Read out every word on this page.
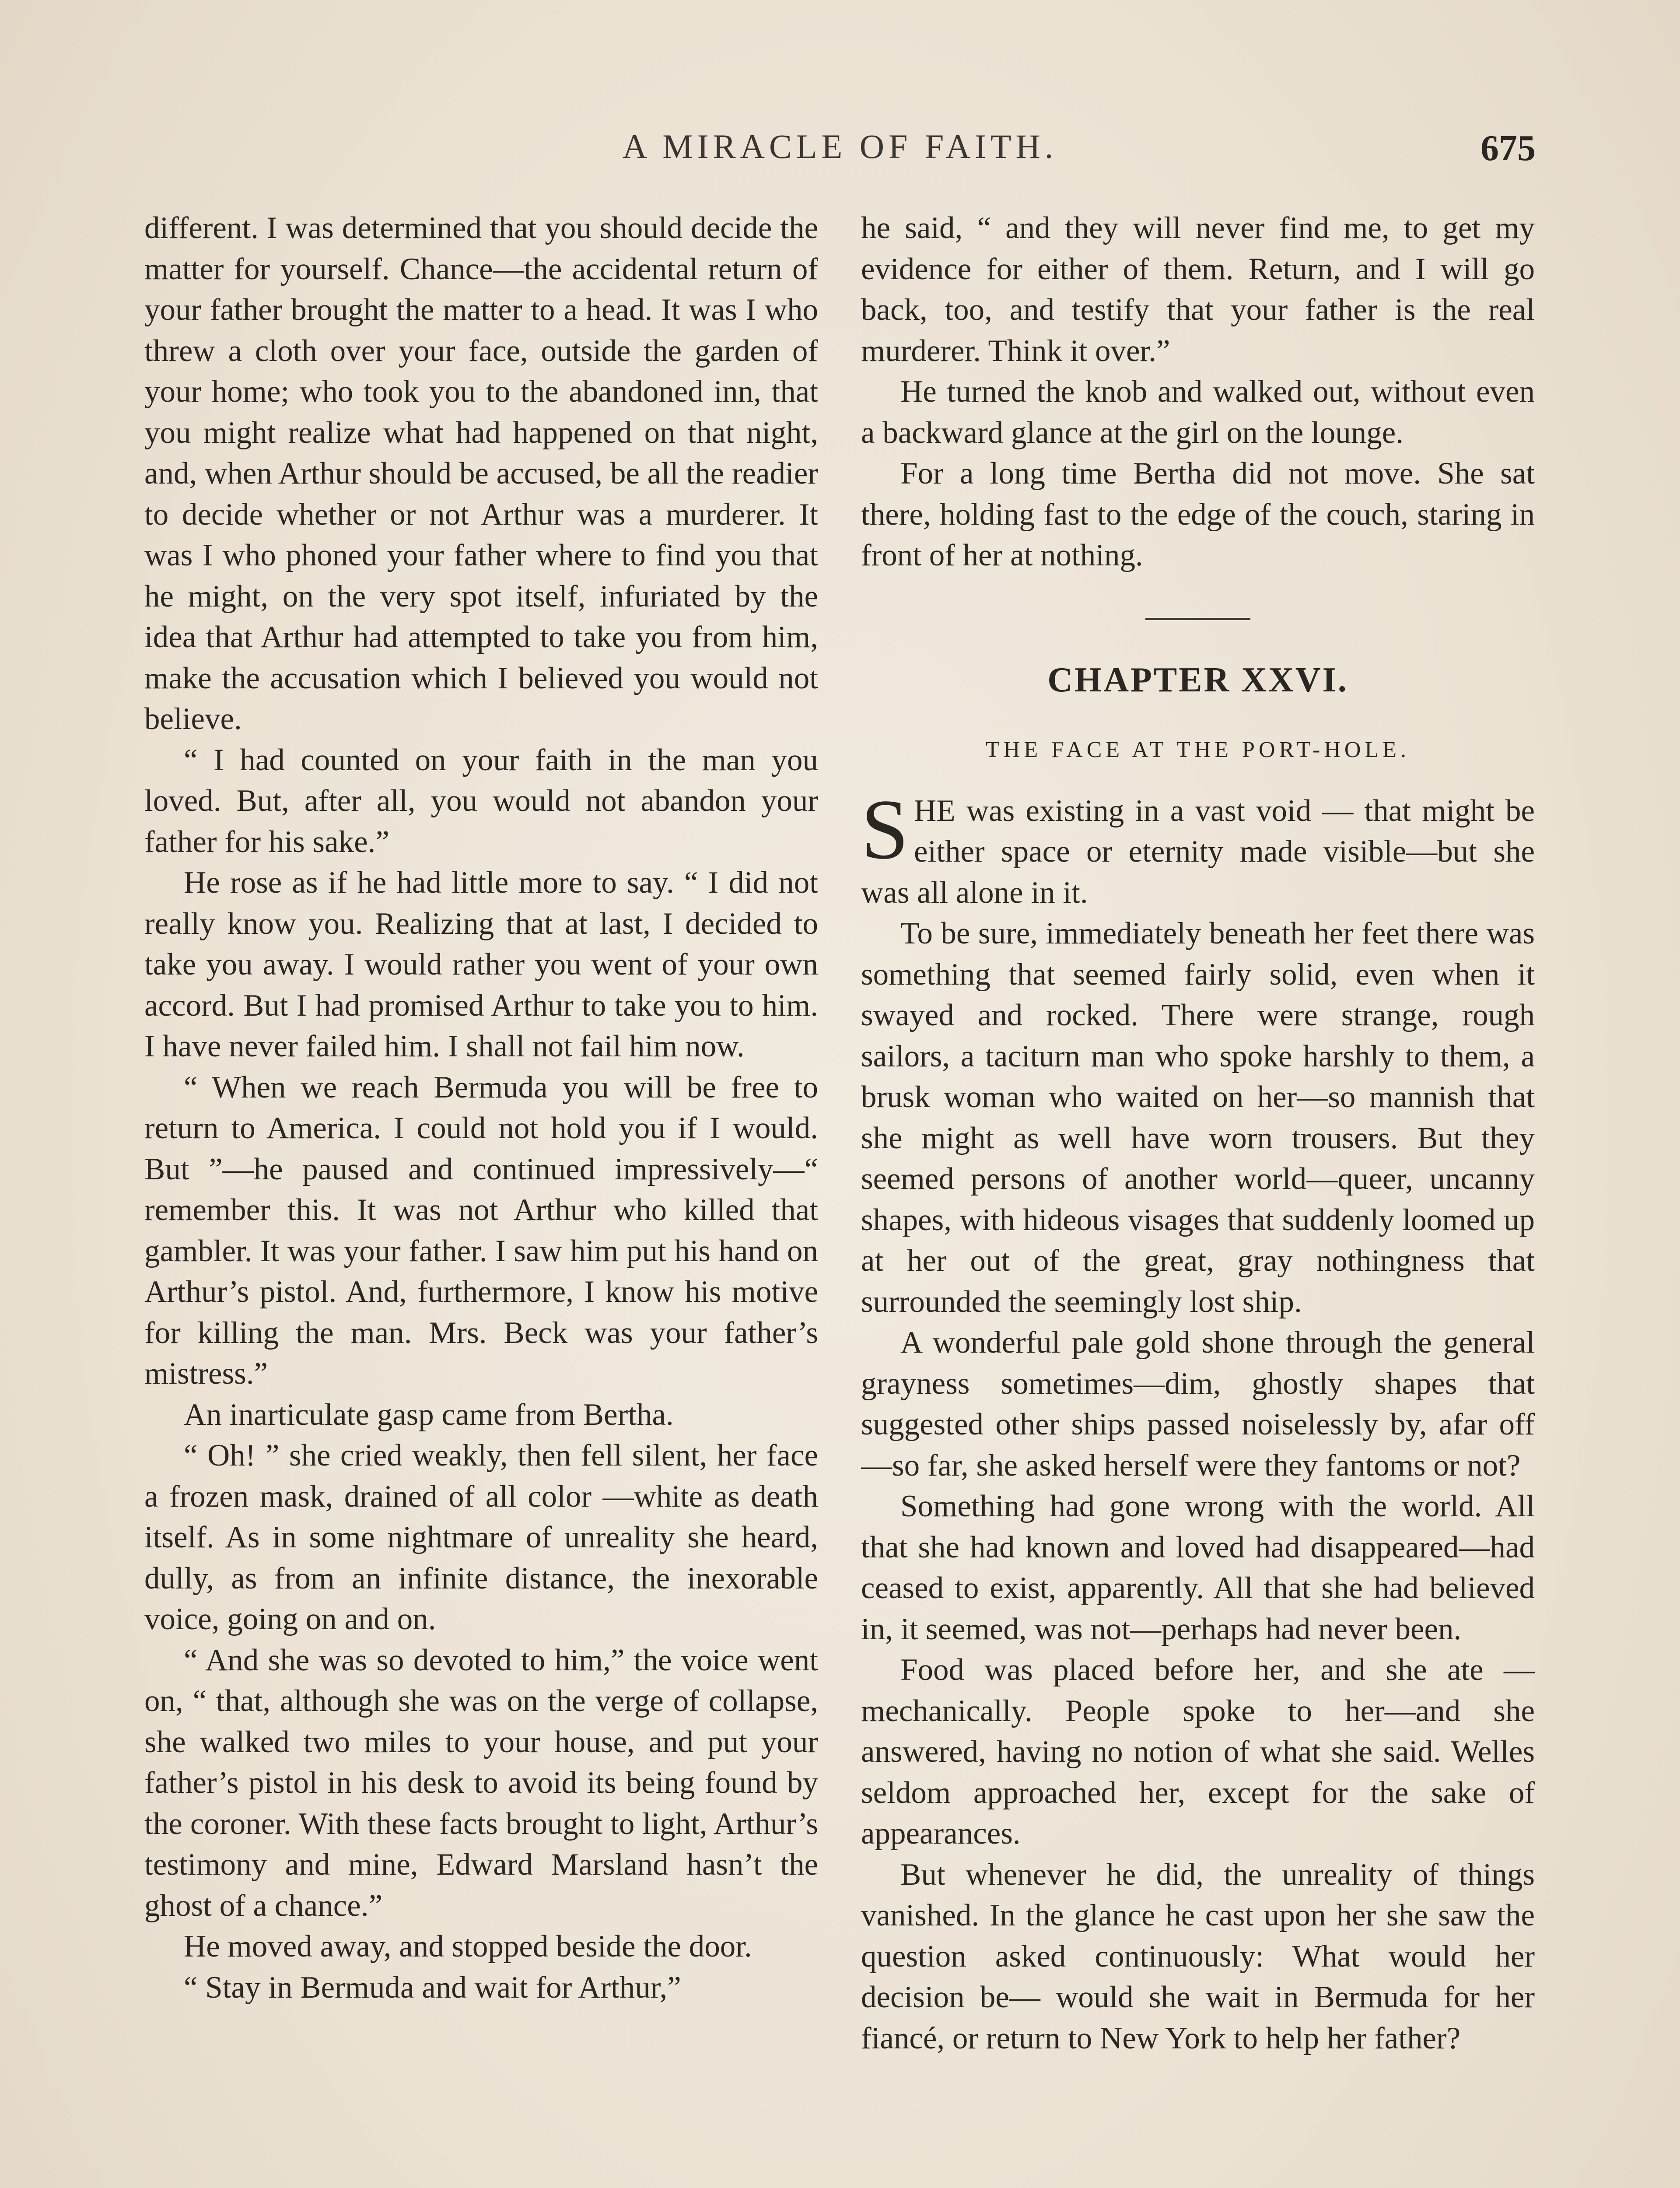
A MIRACLE OF FAITH.	675

different. I was determined that you should decide the matter for yourself. Chance—the accidental return of your father brought the matter to a head. It was I who threw a cloth over your face, outside the garden of your home; who took you to the abandoned inn, that you might realize what had happened on that night, and, when Arthur should be accused, be all the readier to decide whether or not Arthur was a murderer. It was I who phoned your father where to find you that he might, on the very spot itself, infuriated by the idea that Arthur had attempted to take you from him, make the accusation which I believed you would not believe.

“ I had counted on your faith in the man you loved. But, after all, you would not abandon your father for his sake.”

He rose as if he had little more to say. “ I did not really know you. Realizing that at last, I decided to take you away. I would rather you went of your own accord. But I had promised Arthur to take you to him. I have never failed him. I shall not fail him now.

“ When we reach Bermuda you will be free to return to America. I could not hold you if I would. But ”—he paused and continued impressively—“ remember this. It was not Arthur who killed that gambler. It was your father. I saw him put his hand on Arthur’s pistol. And, furthermore, I know his motive for killing the man. Mrs. Beck was your father’s mistress.”

An inarticulate gasp came from Bertha.

“ Oh! ” she cried weakly, then fell silent, her face a frozen mask, drained of all color —white as death itself. As in some nightmare of unreality she heard, dully, as from an infinite distance, the inexorable voice, going on and on.

“ And she was so devoted to him,” the voice went on, “ that, although she was on the verge of collapse, she walked two miles to your house, and put your father’s pistol in his desk to avoid its being found by the coroner. With these facts brought to light, Arthur’s testimony and mine, Edward Marsland hasn’t the ghost of a chance.”

He moved away, and stopped beside the door.

“ Stay in Bermuda and wait for Arthur,”

he said, “ and they will never find me, to get my evidence for either of them. Return, and I will go back, too, and testify that your father is the real murderer. Think it over.”

He turned the knob and walked out, without even a backward glance at the girl on the lounge.

For a long time Bertha did not move. She sat there, holding fast to the edge of the couch, staring in front of her at nothing.

CHAPTER XXVI.
THE FACE AT THE PORT-HOLE.

SHE was existing in a vast void — that might be either space or eternity made visible—but she was all alone in it.

To be sure, immediately beneath her feet there was something that seemed fairly solid, even when it swayed and rocked. There were strange, rough sailors, a taciturn man who spoke harshly to them, a brusk woman who waited on her—so mannish that she might as well have worn trousers. But they seemed persons of another world—queer, uncanny shapes, with hideous visages that suddenly loomed up at her out of the great, gray nothingness that surrounded the seemingly lost ship.

A wonderful pale gold shone through the general grayness sometimes—dim, ghostly shapes that suggested other ships passed noiselessly by, afar off—so far, she asked herself were they fantoms or not?

Something had gone wrong with the world. All that she had known and loved had disappeared—had ceased to exist, apparently. All that she had believed in, it seemed, was not—perhaps had never been.

Food was placed before her, and she ate —mechanically. People spoke to her—and she answered, having no notion of what she said. Welles seldom approached her, except for the sake of appearances.

But whenever he did, the unreality of things vanished. In the glance he cast upon her she saw the question asked continuously: What would her decision be— would she wait in Bermuda for her fiancé, or return to New York to help her father?
